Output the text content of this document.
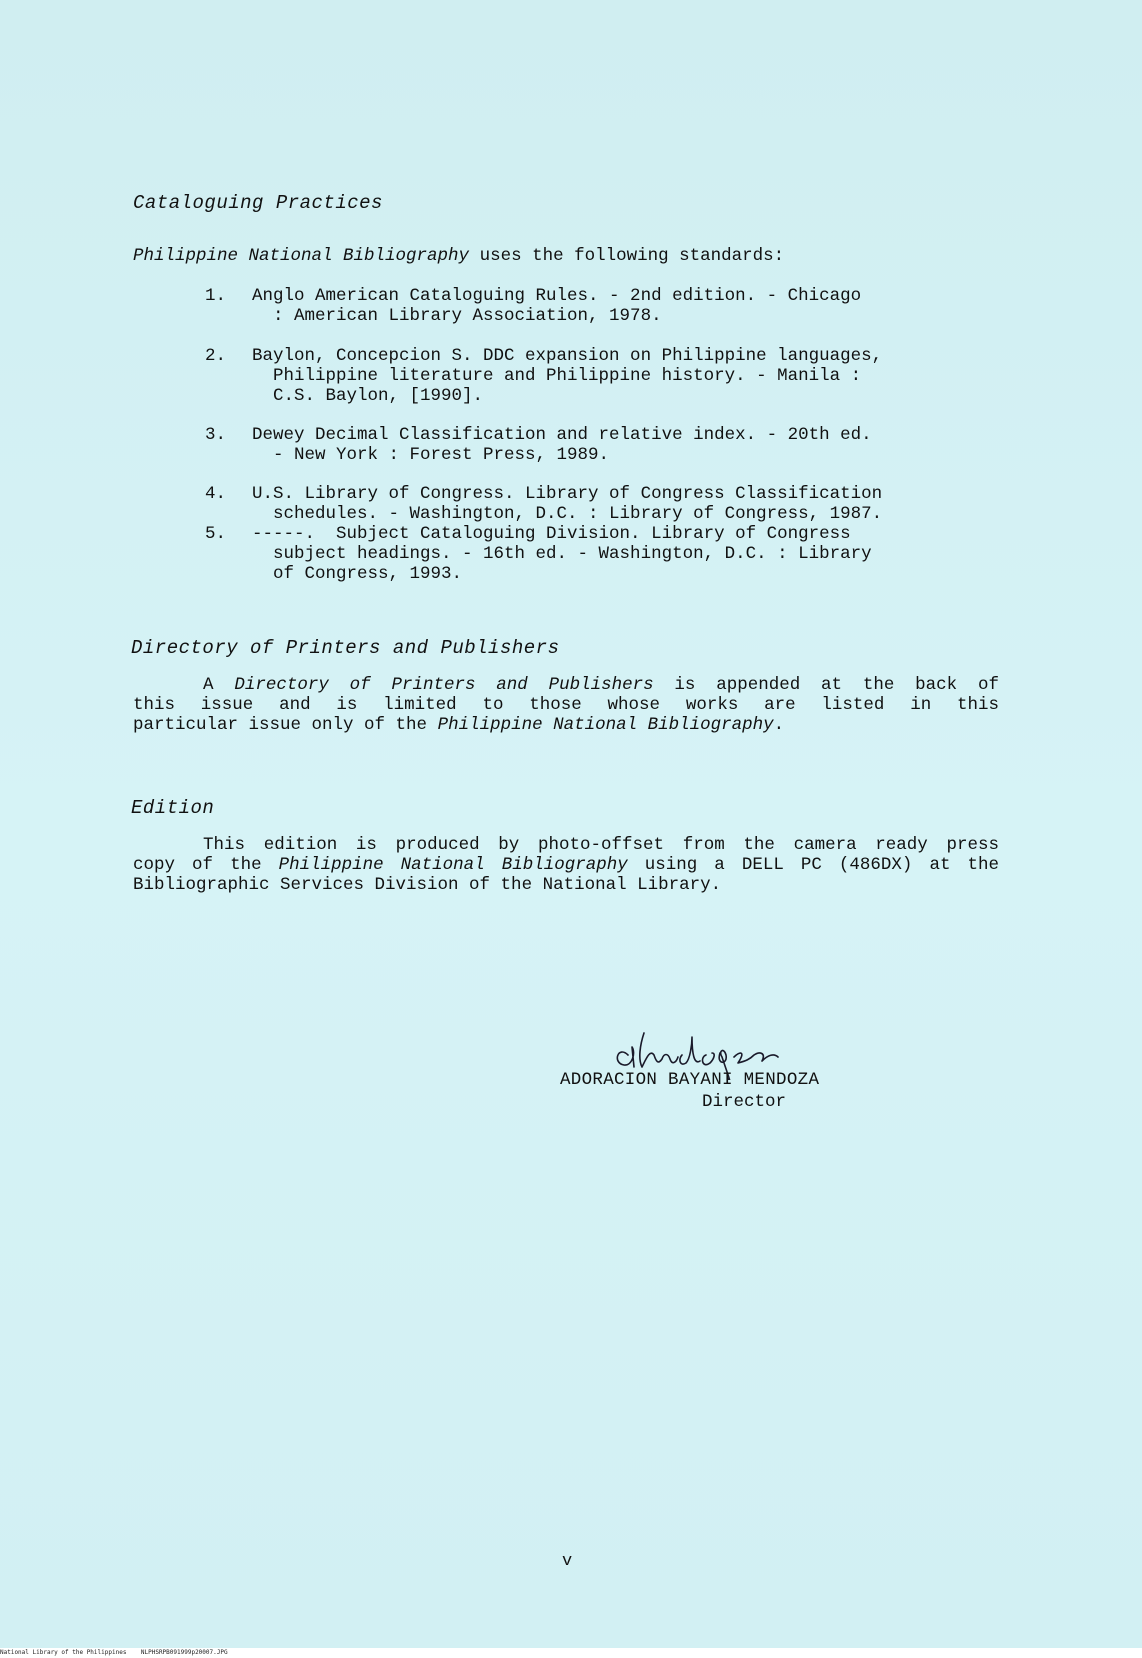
Cataloguing Practices
Philippine National Bibliography uses the following standards:
1. Anglo American Cataloguing Rules. - 2nd edition. - Chicago
: American Library Association, 1978.
2. Baylon, Concepcion S. DDC expansion on Philippine languages,
Philippine literature and Philippine history. - Manila :
C.S. Baylon, [1990].
3. Dewey Decimal Classification and relative index. - 20th ed.
- New York : Forest Press, 1989.
4. U.S. Library of Congress. Library of Congress Classification
schedules. - Washington, D.C. : Library of Congress, 1987.
5. -----.  Subject Cataloguing Division. Library of Congress
subject headings. - 16th ed. - Washington, D.C. : Library
of Congress, 1993.
Directory of Printers and Publishers
A Directory of Printers and Publishers is appended at the back of
this issue and is limited to those whose works are listed in this
particular issue only of the Philippine National Bibliography.
Edition
This edition is produced by photo-offset from the camera ready press
copy of the Philippine National Bibliography using a DELL PC (486DX) at the
Bibliographic Services Division of the National Library.
ADORACION BAYANI MENDOZA
Director
v
National Library of the Philippines    NLPHSRPB091999p20007.JPG
